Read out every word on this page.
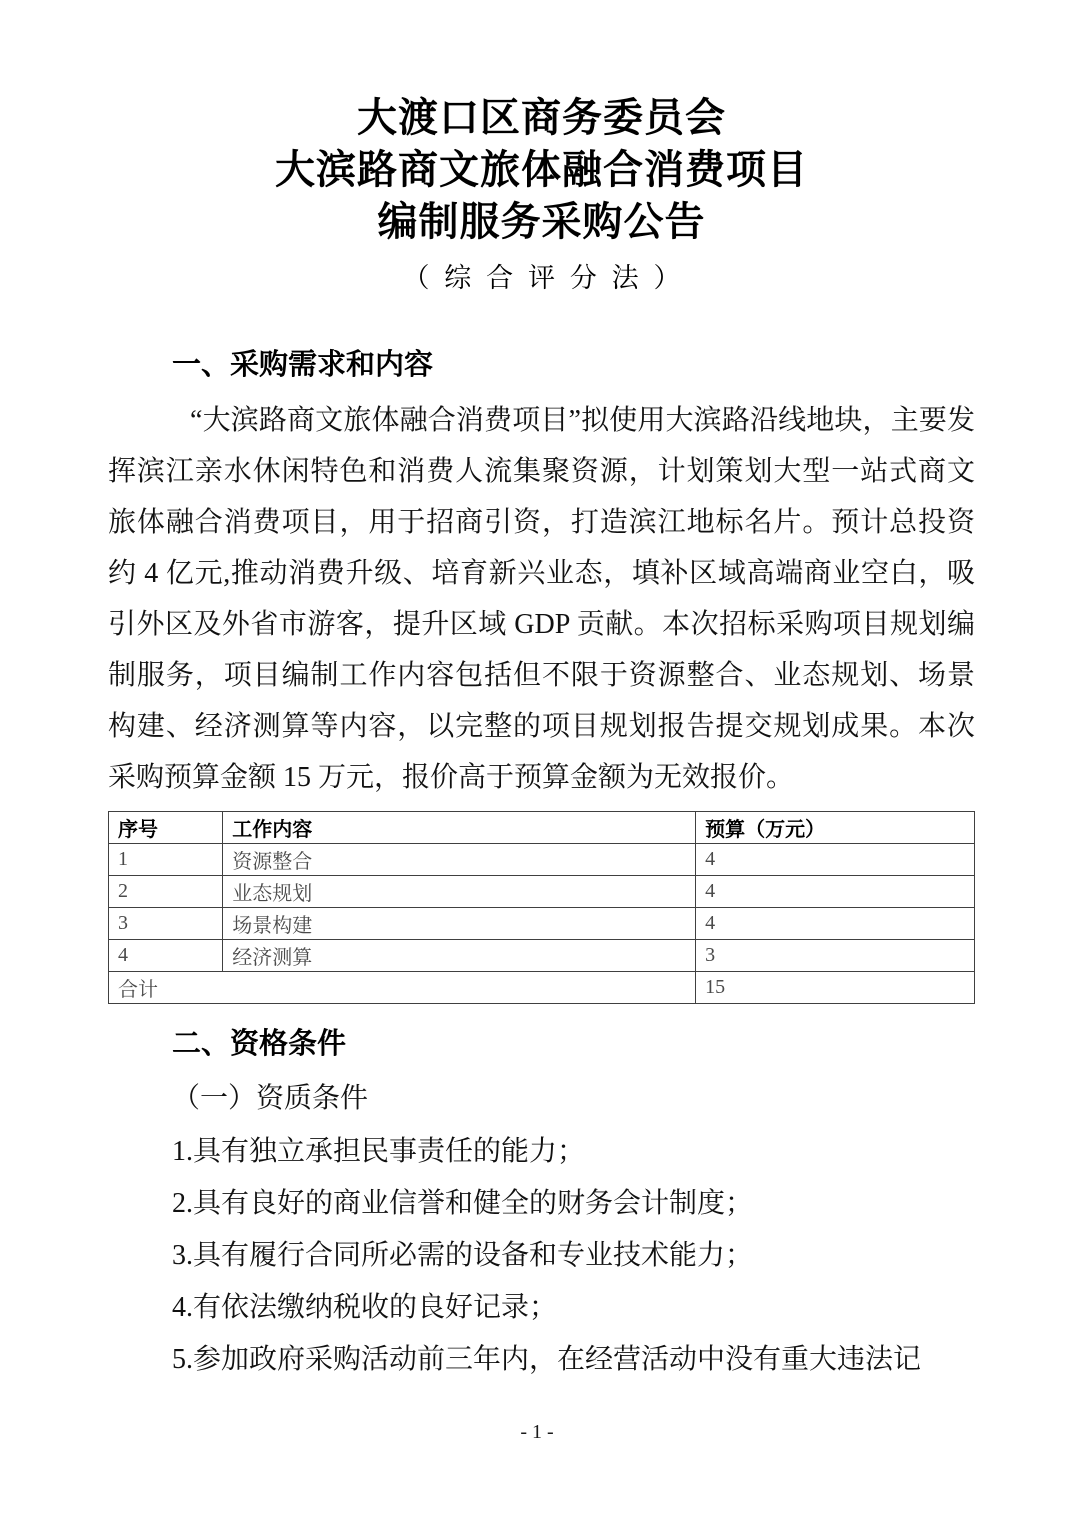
大渡口区商务委员会
大滨路商文旅体融合消费项目
编制服务采购公告
（综合评分法）
一、采购需求和内容
“大滨路商文旅体融合消费项目”拟使用大滨路沿线地块，主要发挥滨江亲水休闲特色和消费人流集聚资源，计划策划大型一站式商文旅体融合消费项目，用于招商引资，打造滨江地标名片。预计总投资约 4 亿元,推动消费升级、培育新兴业态，填补区域高端商业空白，吸引外区及外省市游客，提升区域 GDP 贡献。本次招标采购项目规划编制服务，项目编制工作内容包括但不限于资源整合、业态规划、场景构建、经济测算等内容，以完整的项目规划报告提交规划成果。本次采购预算金额 15 万元，报价高于预算金额为无效报价。
序号	工作内容	预算（万元）
1	资源整合	4
2	业态规划	4
3	场景构建	4
4	经济测算	3
合计		15
二、资格条件
（一）资质条件
1.具有独立承担民事责任的能力；
2.具有良好的商业信誉和健全的财务会计制度；
3.具有履行合同所必需的设备和专业技术能力；
4.有依法缴纳税收的良好记录；
5.参加政府采购活动前三年内，在经营活动中没有重大违法记
- 1 -
